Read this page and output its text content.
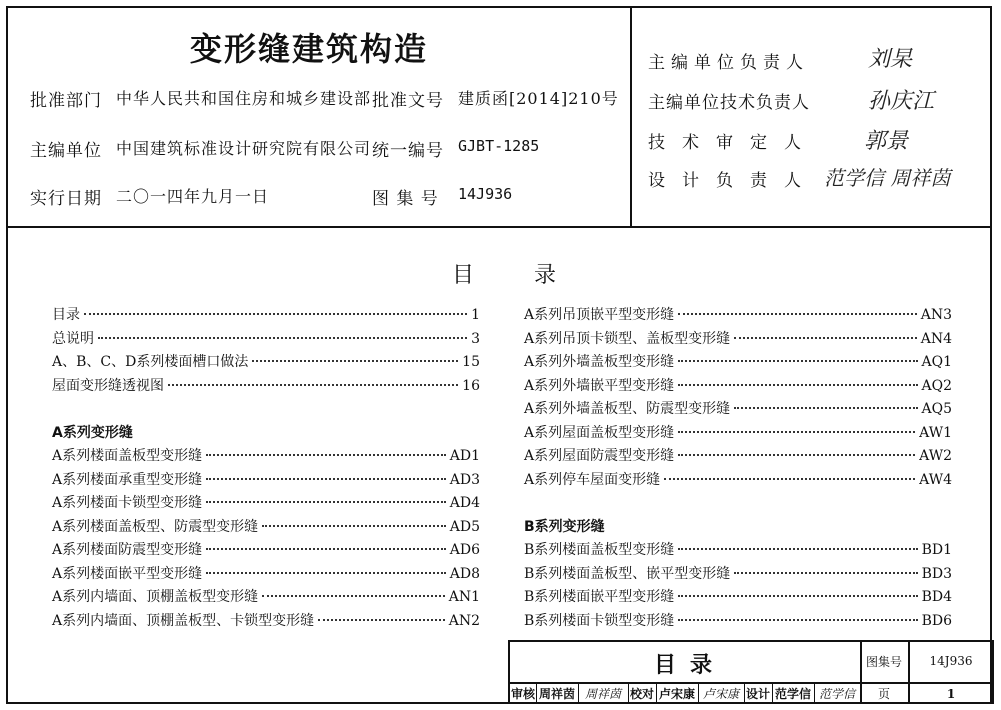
变形缝建筑构造
批准部门 中华人民共和国住房和城乡建设部 批准文号 建质函[2014]210号
主编单位 中国建筑标准设计研究院有限公司 统一编号 GJBT-1285
实行日期 二〇一四年九月一日	图 集 号 14J936
主编单位负责人	刘杲
主编单位技术负责人	孙庆江
技术审定人 郭景
设计负责人 范学信 周祥茵
目	录
目录	1
总说明	3
A、B、C、D系列楼面槽口做法	15
屋面变形缝透视图	16
A系列变形缝
A系列楼面盖板型变形缝	AD1
A系列楼面承重型变形缝	AD3
A系列楼面卡锁型变形缝	AD4
A系列楼面盖板型、防震型变形缝	AD5
A系列楼面防震型变形缝	AD6
A系列楼面嵌平型变形缝	AD8
A系列内墙面、顶棚盖板型变形缝	AN1
A系列内墙面、顶棚盖板型、卡锁型变形缝	AN2
A系列吊顶嵌平型变形缝	AN3
A系列吊顶卡锁型、盖板型变形缝	AN4
A系列外墙盖板型变形缝	AQ1
A系列外墙嵌平型变形缝	AQ2
A系列外墙盖板型、防震型变形缝	AQ5
A系列屋面盖板型变形缝	AW1
A系列屋面防震型变形缝	AW2
A系列停车屋面变形缝	AW4
B系列变形缝
B系列楼面盖板型变形缝	BD1
B系列楼面盖板型、嵌平型变形缝	BD3
B系列楼面嵌平型变形缝	BD4
B系列楼面卡锁型变形缝	BD6
目录	图集号	14J936
审核 周祥茵 周祥茵 校对 卢宋康 卢宋康 设计 范学信 范学信	页	1
